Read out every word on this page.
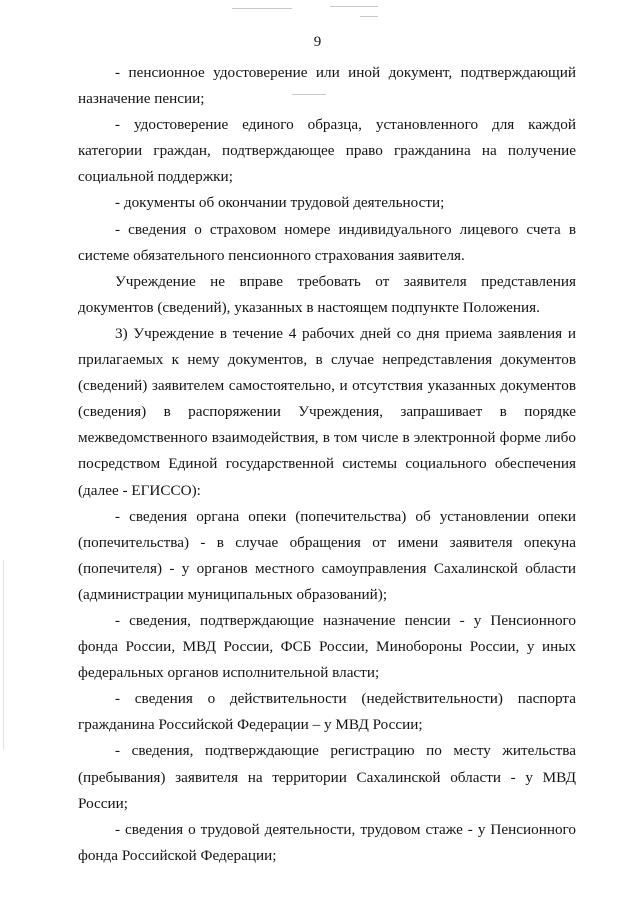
9

- пенсионное удостоверение или иной документ, подтверждающий назначение пенсии;

- удостоверение единого образца, установленного для каждой категории граждан, подтверждающее право гражданина на получение социальной поддержки;

- документы об окончании трудовой деятельности;

- сведения о страховом номере индивидуального лицевого счета в системе обязательного пенсионного страхования заявителя.

Учреждение не вправе требовать от заявителя представления документов (сведений), указанных в настоящем подпункте Положения.

3) Учреждение в течение 4 рабочих дней со дня приема заявления и прилагаемых к нему документов, в случае непредставления документов (сведений) заявителем самостоятельно, и отсутствия указанных документов (сведения) в распоряжении Учреждения, запрашивает в порядке межведомственного взаимодействия, в том числе в электронной форме либо посредством Единой государственной системы социального обеспечения (далее - ЕГИССО):

- сведения органа опеки (попечительства) об установлении опеки (попечительства) - в случае обращения от имени заявителя опекуна (попечителя) - у органов местного самоуправления Сахалинской области (администрации муниципальных образований);

- сведения, подтверждающие назначение пенсии - у Пенсионного фонда России, МВД России, ФСБ России, Минобороны России, у иных федеральных органов исполнительной власти;

- сведения о действительности (недействительности) паспорта гражданина Российской Федерации – у МВД России;

- сведения, подтверждающие регистрацию по месту жительства (пребывания) заявителя на территории Сахалинской области - у МВД России;

- сведения о трудовой деятельности, трудовом стаже - у Пенсионного фонда Российской Федерации;
